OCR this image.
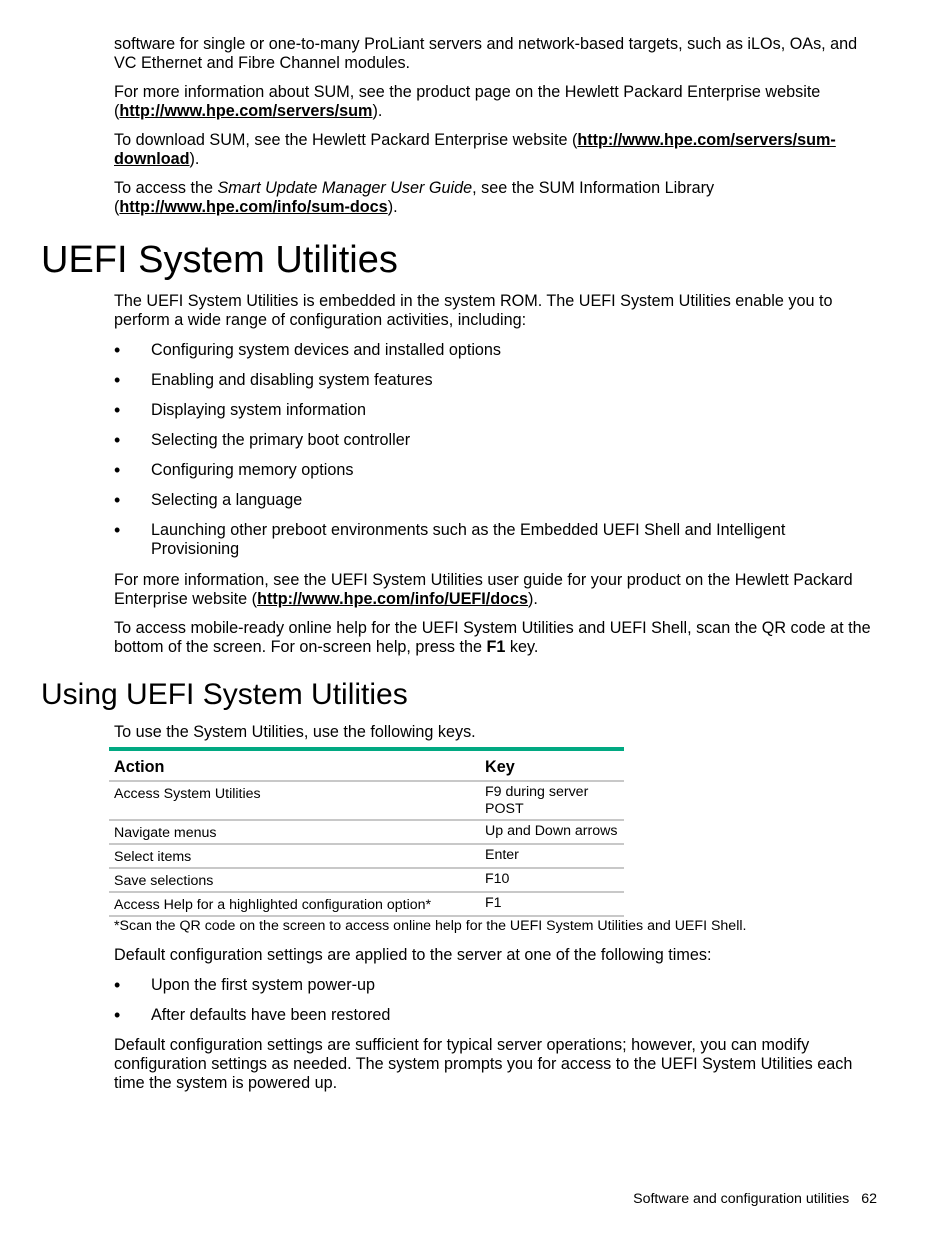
software for single or one-to-many ProLiant servers and network-based targets, such as iLOs, OAs, and VC Ethernet and Fibre Channel modules.

For more information about SUM, see the product page on the Hewlett Packard Enterprise website (http://www.hpe.com/servers/sum).

To download SUM, see the Hewlett Packard Enterprise website (http://www.hpe.com/servers/sum-download).

To access the Smart Update Manager User Guide, see the SUM Information Library (http://www.hpe.com/info/sum-docs).

UEFI System Utilities

The UEFI System Utilities is embedded in the system ROM. The UEFI System Utilities enable you to perform a wide range of configuration activities, including:

• Configuring system devices and installed options
• Enabling and disabling system features
• Displaying system information
• Selecting the primary boot controller
• Configuring memory options
• Selecting a language
• Launching other preboot environments such as the Embedded UEFI Shell and Intelligent Provisioning

For more information, see the UEFI System Utilities user guide for your product on the Hewlett Packard Enterprise website (http://www.hpe.com/info/UEFI/docs).

To access mobile-ready online help for the UEFI System Utilities and UEFI Shell, scan the QR code at the bottom of the screen. For on-screen help, press the F1 key.

Using UEFI System Utilities

To use the System Utilities, use the following keys.

Action	Key
Access System Utilities	F9 during server POST
Navigate menus	Up and Down arrows
Select items	Enter
Save selections	F10
Access Help for a highlighted configuration option*	F1

*Scan the QR code on the screen to access online help for the UEFI System Utilities and UEFI Shell.

Default configuration settings are applied to the server at one of the following times:

• Upon the first system power-up
• After defaults have been restored

Default configuration settings are sufficient for typical server operations; however, you can modify configuration settings as needed. The system prompts you for access to the UEFI System Utilities each time the system is powered up.

Software and configuration utilities 62
